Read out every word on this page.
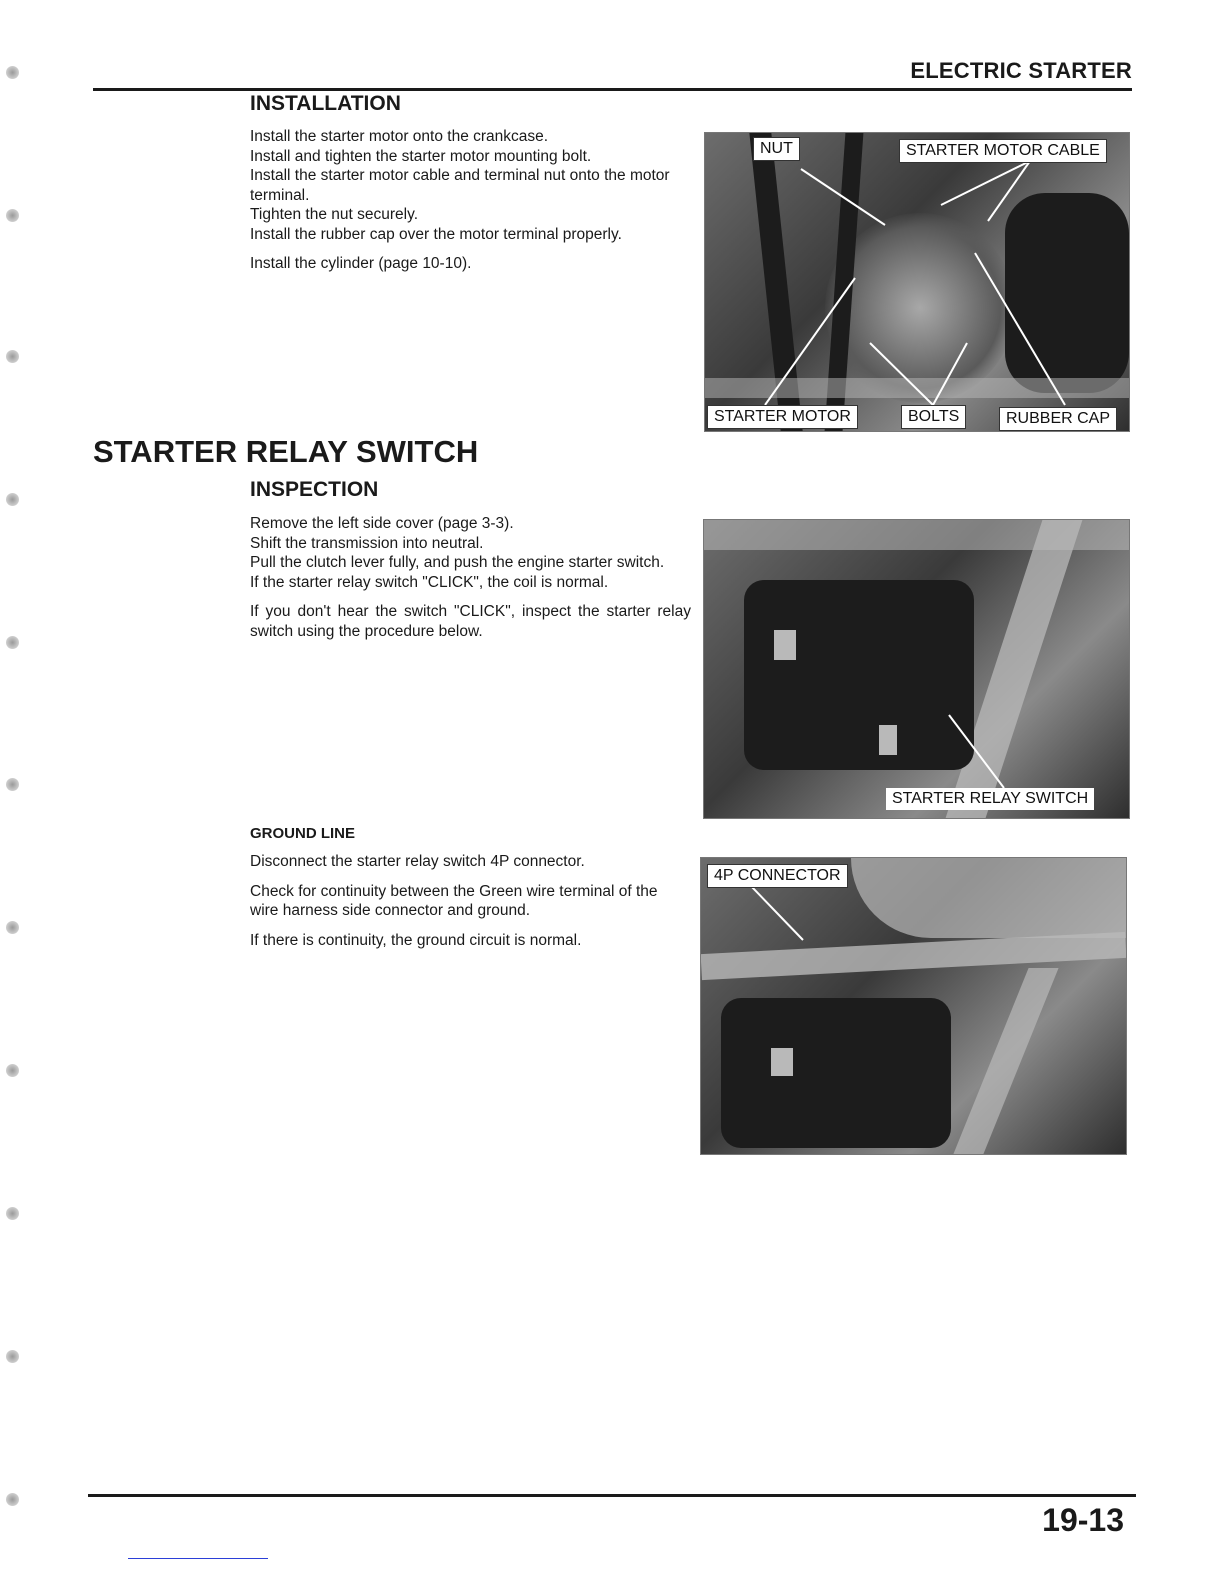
ELECTRIC STARTER
INSTALLATION

Install the starter motor onto the crankcase.

Install and tighten the starter motor mounting bolt.

Install the starter motor cable and terminal nut onto the motor terminal.

Tighten the nut securely.

Install the rubber cap over the motor terminal properly.

Install the cylinder (page 10-10).

NUT	STARTER MOTOR CABLE
STARTER MOTOR	BOLTS	RUBBER CAP
STARTER RELAY SWITCH
INSPECTION

Remove the left side cover (page 3-3).

Shift the transmission into neutral.

Pull the clutch lever fully, and push the engine starter switch.

If the starter relay switch "CLICK", the coil is normal.

If you don't hear the switch "CLICK", inspect the starter relay switch using the procedure below.

STARTER RELAY SWITCH
GROUND LINE

Disconnect the starter relay switch 4P connector.

Check for continuity between the Green wire terminal of the wire harness side connector and ground.

If there is continuity, the ground circuit is normal.

4P CONNECTOR
19-13
